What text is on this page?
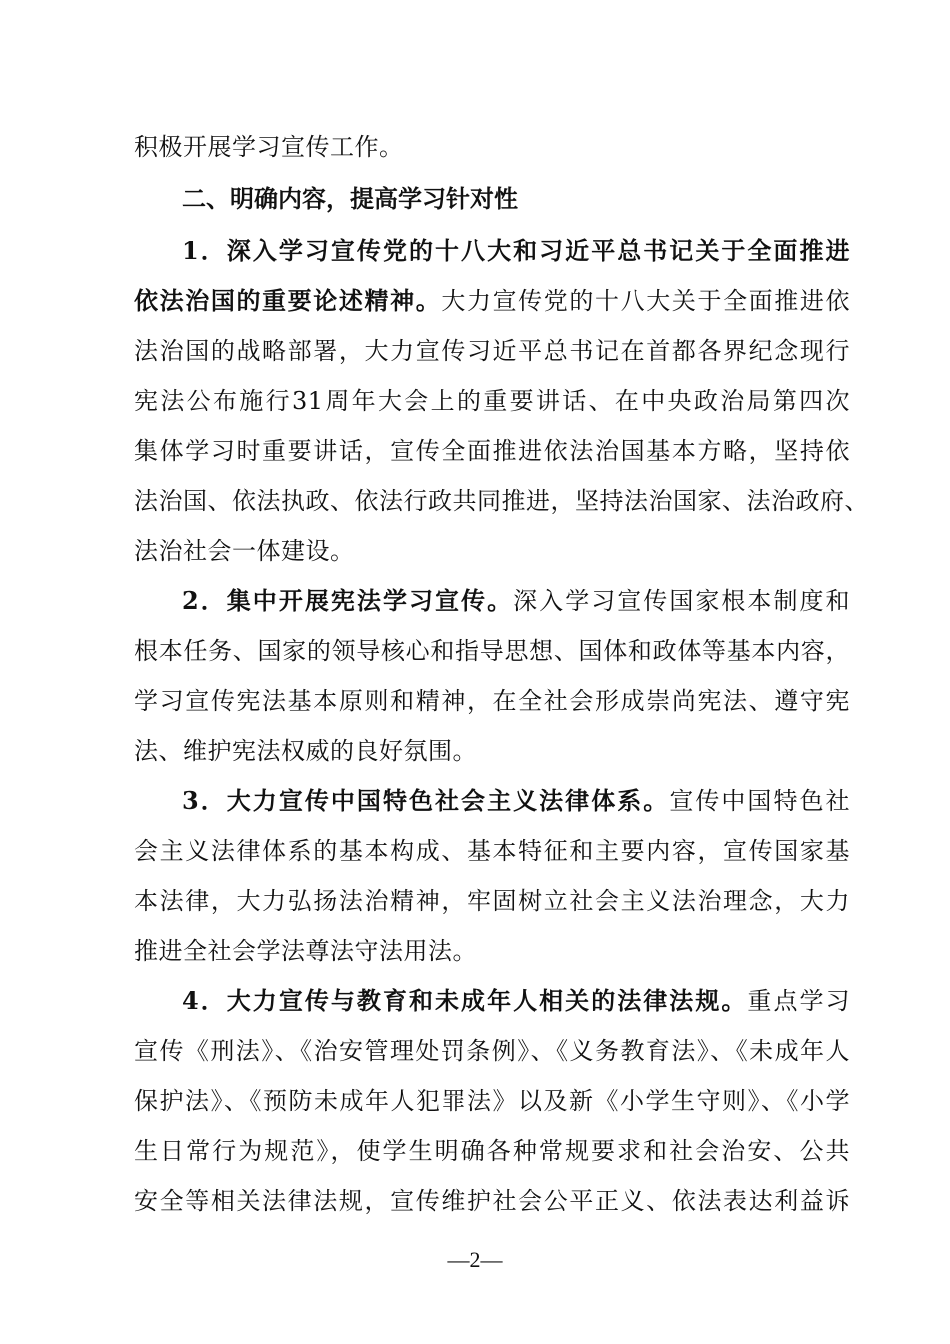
积极开展学习宣传工作。
二、明确内容，提高学习针对性
1．深入学习宣传党的十八大和习近平总书记关于全面推进
依法治国的重要论述精神。大力宣传党的十八大关于全面推进依
法治国的战略部署，大力宣传习近平总书记在首都各界纪念现行
宪法公布施行31周年大会上的重要讲话、在中央政治局第四次
集体学习时重要讲话，宣传全面推进依法治国基本方略，坚持依
法治国、依法执政、依法行政共同推进，坚持法治国家、法治政府、
法治社会一体建设。
2．集中开展宪法学习宣传。深入学习宣传国家根本制度和
根本任务、国家的领导核心和指导思想、国体和政体等基本内容，
学习宣传宪法基本原则和精神，在全社会形成崇尚宪法、遵守宪
法、维护宪法权威的良好氛围。
3．大力宣传中国特色社会主义法律体系。宣传中国特色社
会主义法律体系的基本构成、基本特征和主要内容，宣传国家基
本法律，大力弘扬法治精神，牢固树立社会主义法治理念，大力
推进全社会学法尊法守法用法。
4．大力宣传与教育和未成年人相关的法律法规。重点学习
宣传《刑法》、《治安管理处罚条例》、《义务教育法》、《未成年人
保护法》、《预防未成年人犯罪法》以及新《小学生守则》、《小学
生日常行为规范》，使学生明确各种常规要求和社会治安、公共
安全等相关法律法规，宣传维护社会公平正义、依法表达利益诉
—2—
